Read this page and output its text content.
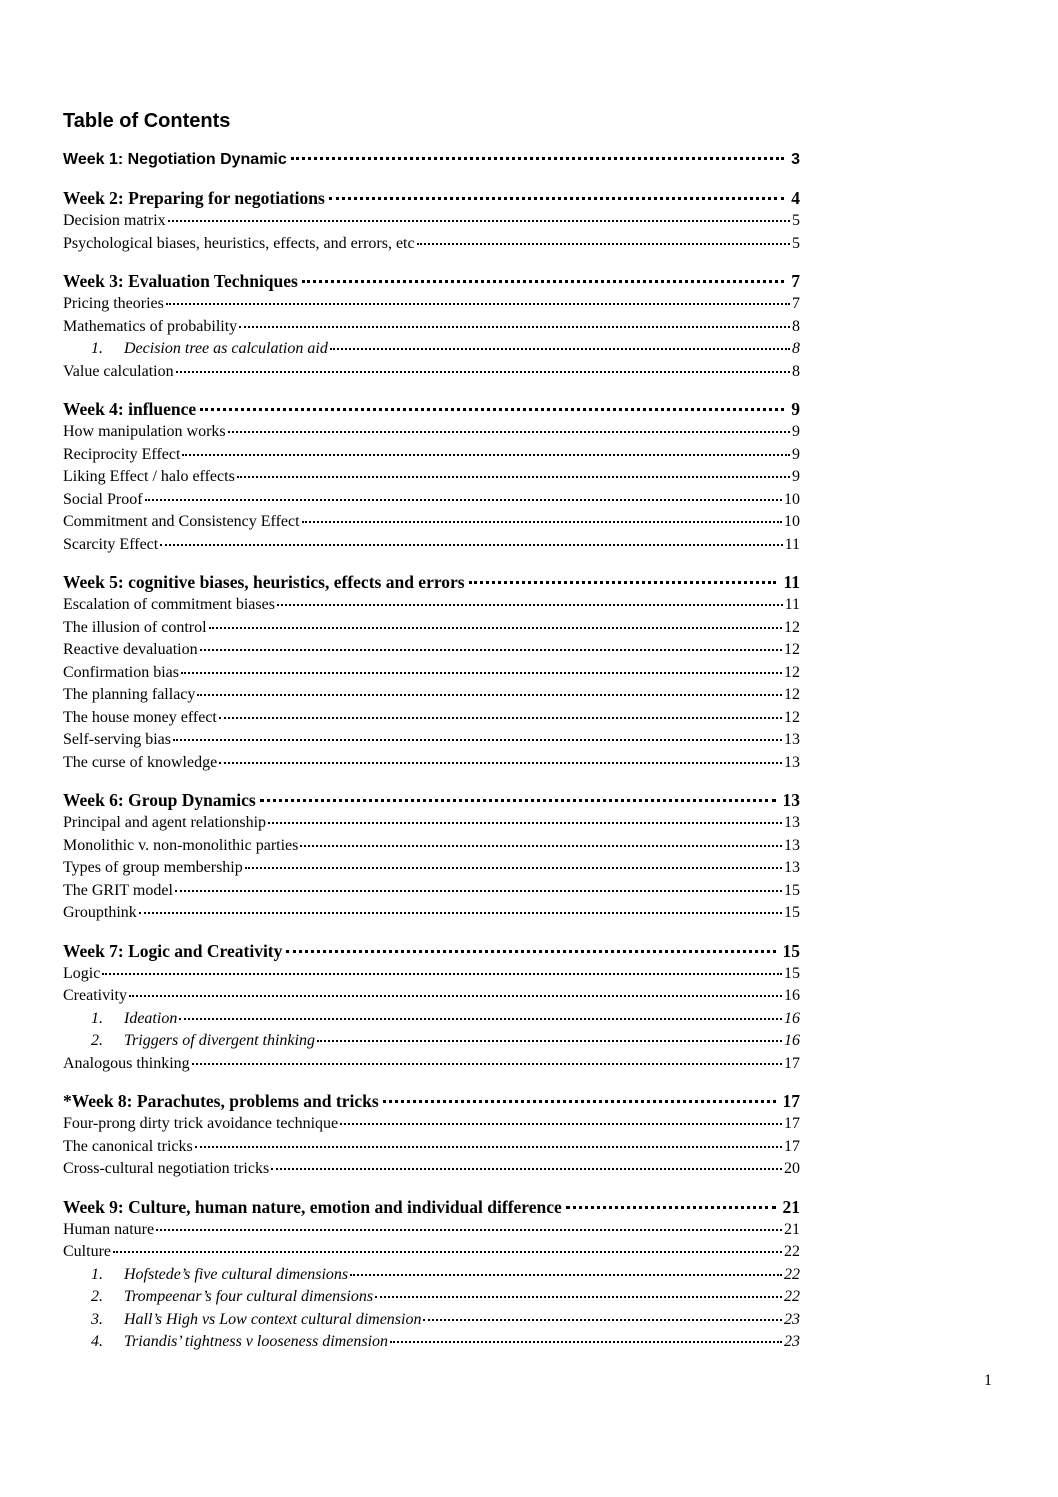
Table of Contents
Week 1: Negotiation Dynamic	3
Week 2: Preparing for negotiations	4
Decision matrix	5
Psychological biases, heuristics, effects, and errors, etc	5
Week 3: Evaluation Techniques	7
Pricing theories	7
Mathematics of probability	8
1.	Decision tree as calculation aid	8
Value calculation	8
Week 4: influence	9
How manipulation works	9
Reciprocity Effect	9
Liking Effect / halo effects	9
Social Proof	10
Commitment and Consistency Effect	10
Scarcity Effect	11
Week 5: cognitive biases, heuristics, effects and errors	11
Escalation of commitment biases	11
The illusion of control	12
Reactive devaluation	12
Confirmation bias	12
The planning fallacy	12
The house money effect	12
Self-serving bias	13
The curse of knowledge	13
Week 6: Group Dynamics	13
Principal and agent relationship	13
Monolithic v. non-monolithic parties	13
Types of group membership	13
The GRIT model	15
Groupthink	15
Week 7: Logic and Creativity	15
Logic	15
Creativity	16
1.	Ideation	16
2.	Triggers of divergent thinking	16
Analogous thinking	17
*Week 8: Parachutes, problems and tricks	17
Four-prong dirty trick avoidance technique	17
The canonical tricks	17
Cross-cultural negotiation tricks	20
Week 9: Culture, human nature, emotion and individual difference	21
Human nature	21
Culture	22
1.	Hofstede’s five cultural dimensions	22
2.	Trompeenar’s four cultural dimensions	22
3.	Hall’s High vs Low context cultural dimension	23
4.	Triandis’ tightness v looseness dimension	23
1
